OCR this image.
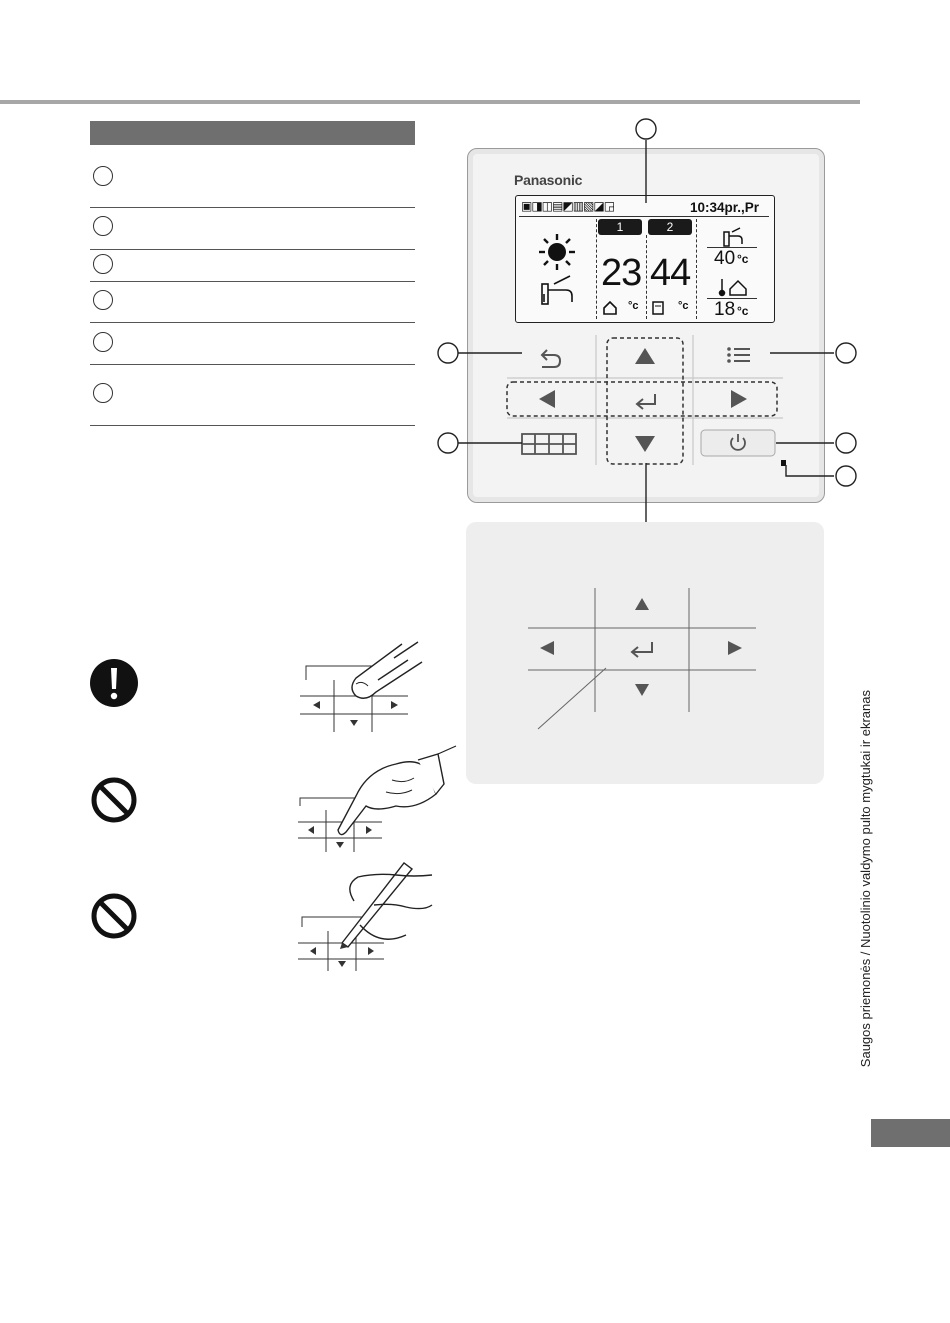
Panasonic
▣◨◫▤◩▥▧◪◲	10:34pr.,Pr
1	2
23 44
°c	°c
40 °c
18 °c
Saugos priemonės / Nuotolinio valdymo pulto mygtukai ir ekranas
